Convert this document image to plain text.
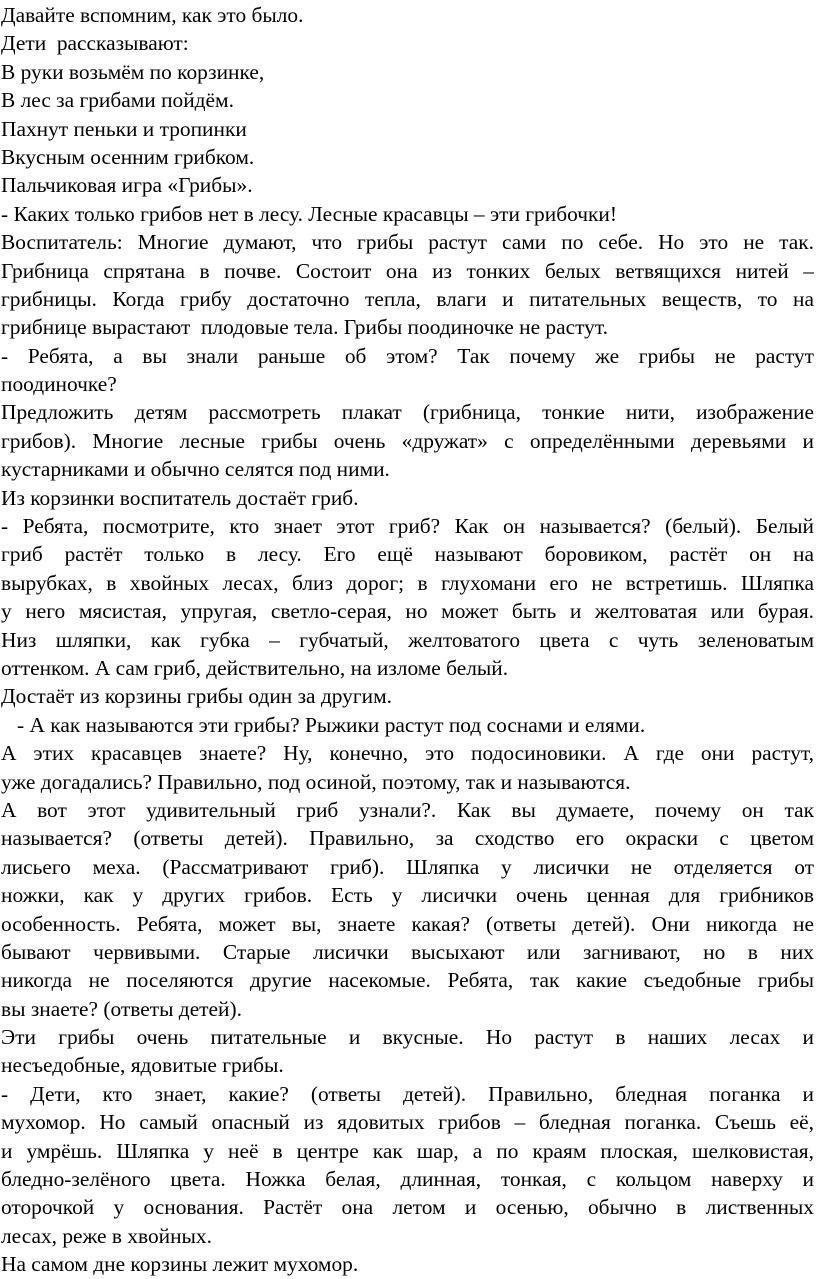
Давайте вспомним, как это было.
Дети  рассказывают:
В руки возьмём по корзинке,
В лес за грибами пойдём.
Пахнут пеньки и тропинки
Вкусным осенним грибком.
Пальчиковая игра «Грибы».
- Каких только грибов нет в лесу. Лесные красавцы – эти грибочки!
Воспитатель: Многие думают, что грибы растут сами по себе. Но это не так.
Грибница спрятана в почве. Состоит она из тонких белых ветвящихся нитей –
грибницы. Когда грибу достаточно тепла, влаги и питательных веществ, то на
грибнице вырастают  плодовые тела. Грибы поодиночке не растут.
- Ребята, а вы знали раньше об этом? Так почему же грибы не растут
поодиночке?
Предложить детям рассмотреть плакат (грибница, тонкие нити, изображение
грибов). Многие лесные грибы очень «дружат» с определёнными деревьями и
кустарниками и обычно селятся под ними.
Из корзинки воспитатель достаёт гриб.
- Ребята, посмотрите, кто знает этот гриб? Как он называется? (белый). Белый
гриб растёт только в лесу. Его ещё называют боровиком, растёт он на
вырубках, в хвойных лесах, близ дорог; в глухомани его не встретишь. Шляпка
у него мясистая, упругая, светло-серая, но может быть и желтоватая или бурая.
Низ шляпки, как губка – губчатый, желтоватого цвета с чуть зеленоватым
оттенком. А сам гриб, действительно, на изломе белый.
Достаёт из корзины грибы один за другим.
- А как называются эти грибы? Рыжики растут под соснами и елями.
А этих красавцев знаете? Ну, конечно, это подосиновики. А где они растут,
уже догадались? Правильно, под осиной, поэтому, так и называются.
А вот этот удивительный гриб узнали?. Как вы думаете, почему он так
называется? (ответы детей). Правильно, за сходство его окраски с цветом
лисьего меха. (Рассматривают гриб). Шляпка у лисички не отделяется от
ножки, как у других грибов. Есть у лисички очень ценная для грибников
особенность. Ребята, может вы, знаете какая? (ответы детей). Они никогда не
бывают червивыми. Старые лисички высыхают или загнивают, но в них
никогда не поселяются другие насекомые. Ребята, так какие съедобные грибы
вы знаете? (ответы детей).
Эти грибы очень питательные и вкусные. Но растут в наших лесах и
несъедобные, ядовитые грибы.
- Дети, кто знает, какие? (ответы детей). Правильно, бледная поганка и
мухомор. Но самый опасный из ядовитых грибов – бледная поганка. Съешь её,
и умрёшь. Шляпка у неё в центре как шар, а по краям плоская, шелковистая,
бледно-зелёного цвета. Ножка белая, длинная, тонкая, с кольцом наверху и
оторочкой у основания. Растёт она летом и осенью, обычно в лиственных
лесах, реже в хвойных.
На самом дне корзины лежит мухомор.
